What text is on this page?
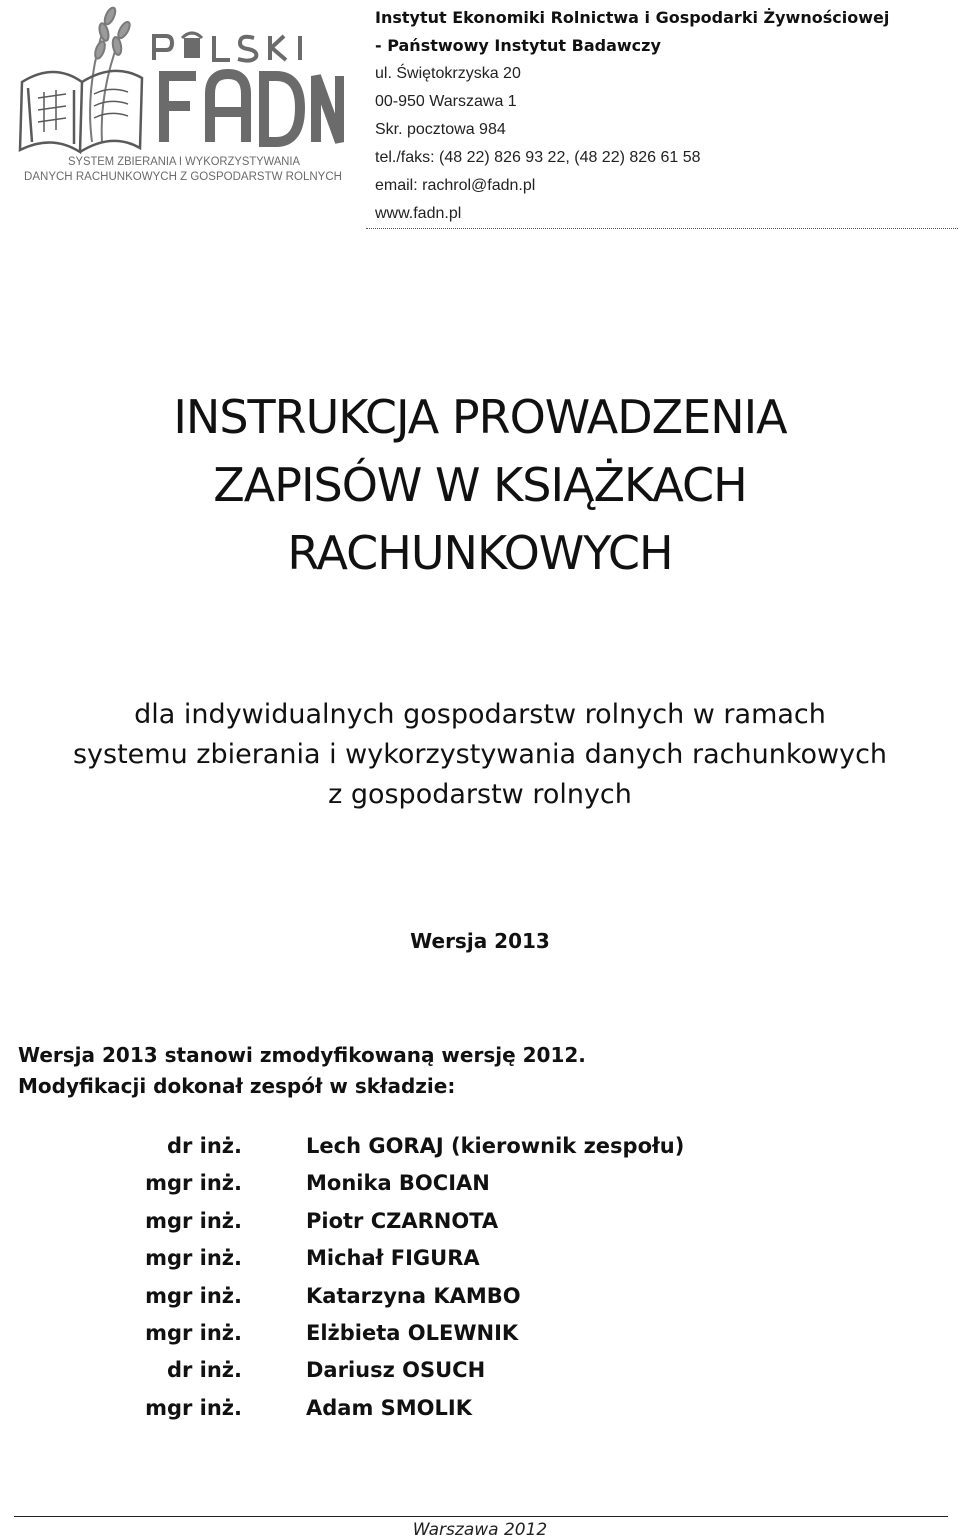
SYSTEM ZBIERANIA I WYKORZYSTYWANIA
DANYCH RACHUNKOWYCH Z GOSPODARSTW ROLNYCH
Instytut Ekonomiki Rolnictwa i Gospodarki Żywnościowej
- Państwowy Instytut Badawczy
ul. Świętokrzyska 20
00-950 Warszawa 1
Skr. pocztowa 984
tel./faks: (48 22) 826 93 22, (48 22) 826 61 58
email: rachrol@fadn.pl
www.fadn.pl
INSTRUKCJA PROWADZENIA
ZAPISÓW W KSIĄŻKACH
RACHUNKOWYCH
dla indywidualnych gospodarstw rolnych w ramach
systemu zbierania i wykorzystywania danych rachunkowych
z gospodarstw rolnych
Wersja 2013
Wersja 2013 stanowi zmodyfikowaną wersję 2012.
Modyfikacji dokonał zespół w składzie:
dr inż.	Lech GORAJ (kierownik zespołu)
mgr inż.	Monika BOCIAN
mgr inż.	Piotr CZARNOTA
mgr inż.	Michał FIGURA
mgr inż.	Katarzyna KAMBO
mgr inż.	Elżbieta OLEWNIK
dr inż.	Dariusz OSUCH
mgr inż.	Adam SMOLIK
Warszawa 2012
